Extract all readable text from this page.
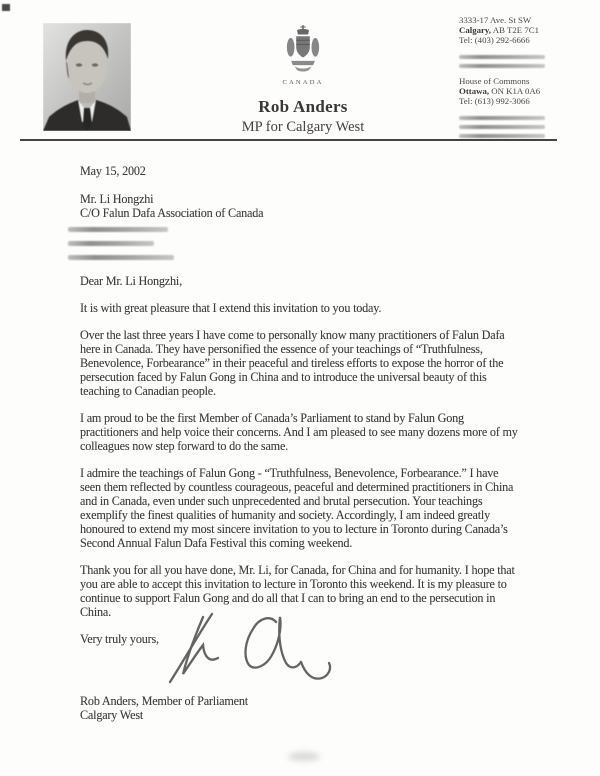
CANADA
Rob Anders
MP for Calgary West
3333-17 Ave. St SW
Calgary, AB T2E 7C1
Tel: (403) 292-6666
House of Commons
Ottawa, ON K1A 0A6
Tel: (613) 992-3066
May 15, 2002
Mr. Li Hongzhi
C/O Falun Dafa Association of Canada
Dear Mr. Li Hongzhi,

It is with great pleasure that I extend this invitation to you today.

Over the last three years I have come to personally know many practitioners of Falun Dafa here in Canada. They have personified the essence of your teachings of “Truthfulness, Benevolence, Forbearance” in their peaceful and tireless efforts to expose the horror of the persecution faced by Falun Gong in China and to introduce the universal beauty of this teaching to Canadian people.

I am proud to be the first Member of Canada’s Parliament to stand by Falun Gong practitioners and help voice their concerns. And I am pleased to see many dozens more of my colleagues now step forward to do the same.

I admire the teachings of Falun Gong - “Truthfulness, Benevolence, Forbearance.” I have seen them reflected by countless courageous, peaceful and determined practitioners in China and in Canada, even under such unprecedented and brutal persecution. Your teachings exemplify the finest qualities of humanity and society. Accordingly, I am indeed greatly honoured to extend my most sincere invitation to you to lecture in Toronto during Canada’s Second Annual Falun Dafa Festival this coming weekend.

Thank you for all you have done, Mr. Li, for Canada, for China and for humanity. I hope that you are able to accept this invitation to lecture in Toronto this weekend. It is my pleasure to continue to support Falun Gong and do all that I can to bring an end to the persecution in China.

Very truly yours,
Rob Anders, Member of Parliament
Calgary West
